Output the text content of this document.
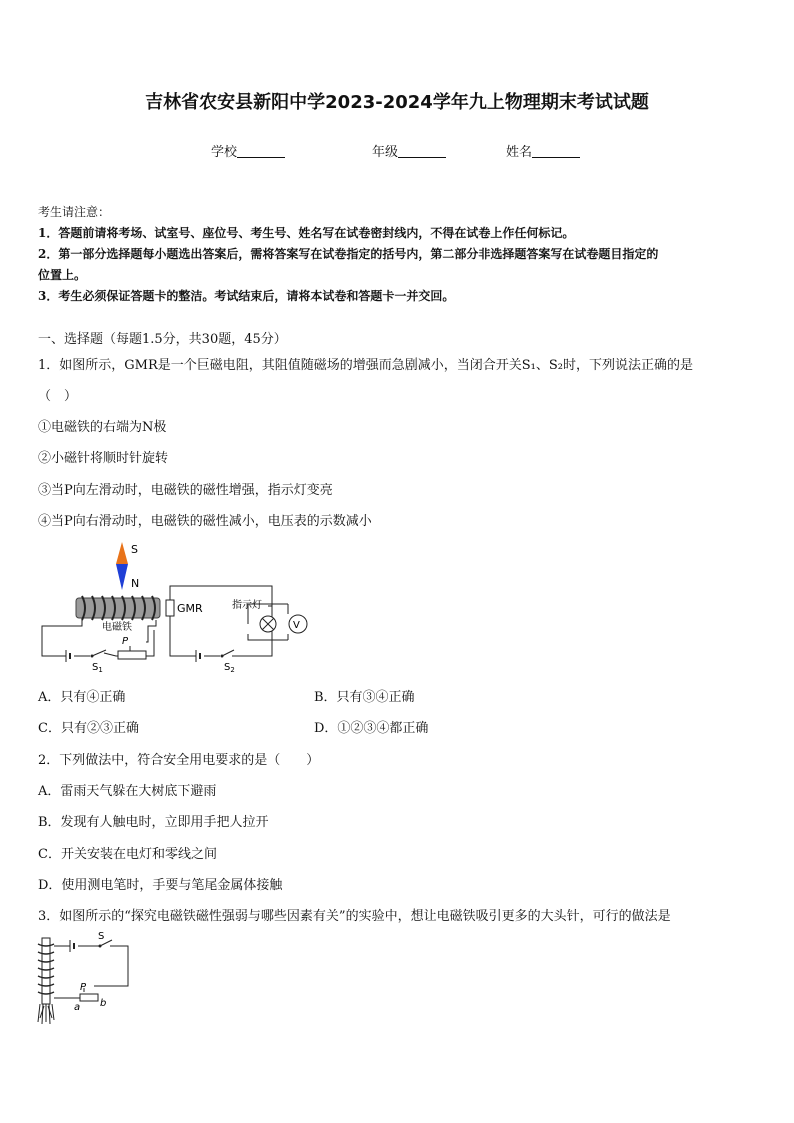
吉林省农安县新阳中学2023-2024学年九上物理期末考试试题
学校	年级	姓名
考生请注意：
1．答题前请将考场、试室号、座位号、考生号、姓名写在试卷密封线内，不得在试卷上作任何标记。
2．第一部分选择题每小题选出答案后，需将答案写在试卷指定的括号内，第二部分非选择题答案写在试卷题目指定的
位置上。
3．考生必须保证答题卡的整洁。考试结束后，请将本试卷和答题卡一并交回。
一、选择题（每题1.5分，共30题，45分）
1．如图所示，GMR是一个巨磁电阻，其阻值随磁场的增强而急剧减小，当闭合开关S₁、S₂时，下列说法正确的是
（　）
①电磁铁的右端为N极
②小磁针将顺时针旋转
③当P向左滑动时，电磁铁的磁性增强，指示灯变亮
④当P向右滑动时，电磁铁的磁性减小，电压表的示数减小
S
N
电磁铁
$S_1$
P
GMR	指示灯
V
$S_2$
A．只有④正确	B．只有③④正确
C．只有②③正确	D．①②③④都正确
2．下列做法中，符合安全用电要求的是（　　）
A．雷雨天气躲在大树底下避雨
B．发现有人触电时，立即用手把人拉开
C．开关安装在电灯和零线之间
D．使用测电笔时，手要与笔尾金属体接触
3．如图所示的“探究电磁铁磁性强弱与哪些因素有关”的实验中，想让电磁铁吸引更多的大头针，可行的做法是
S
P
a b
